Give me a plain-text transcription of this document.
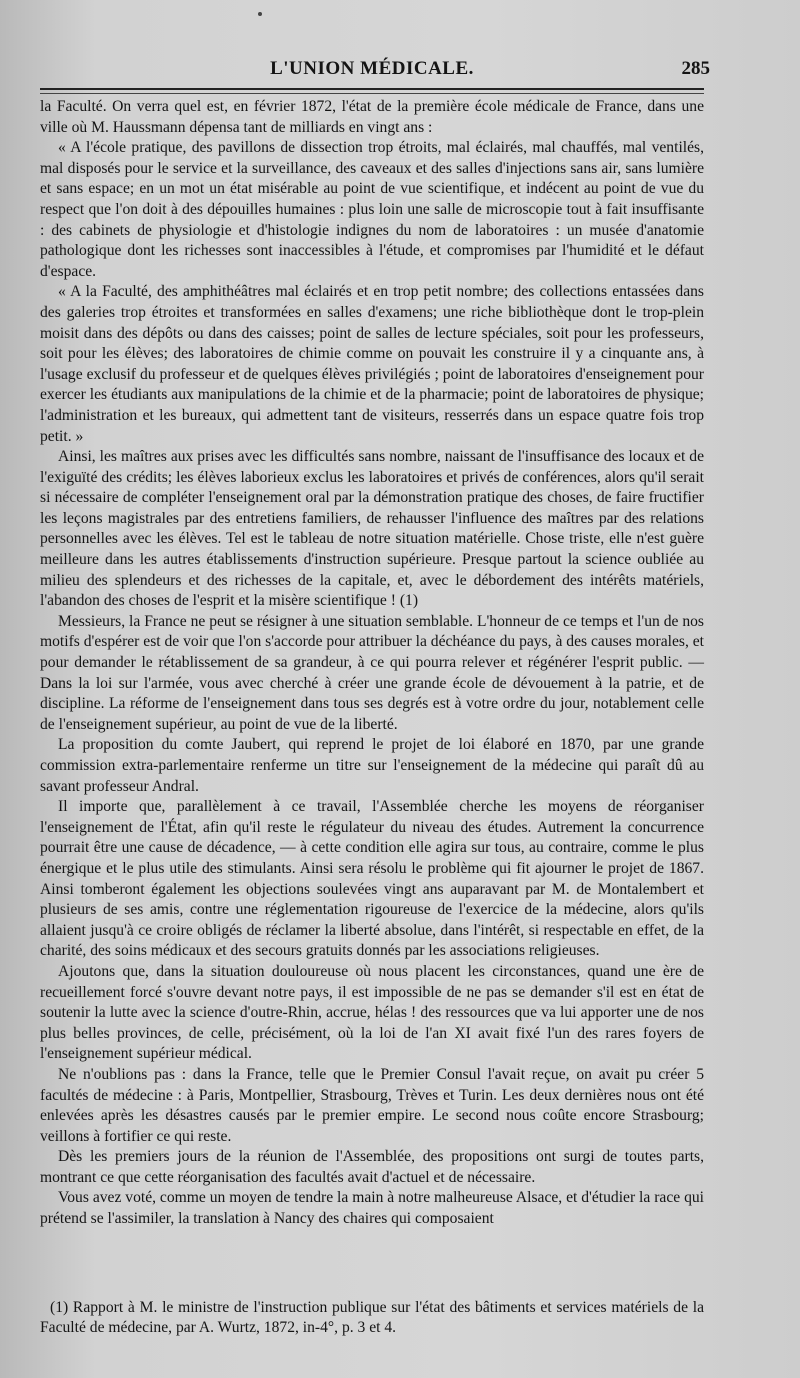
L'UNION MÉDICALE.	285

la Faculté. On verra quel est, en février 1872, l'état de la première école médicale de France, dans une ville où M. Haussmann dépensa tant de milliards en vingt ans :

« A l'école pratique, des pavillons de dissection trop étroits, mal éclairés, mal chauffés, mal ventilés, mal disposés pour le service et la surveillance, des caveaux et des salles d'injections sans air, sans lumière et sans espace; en un mot un état misérable au point de vue scientifique, et indécent au point de vue du respect que l'on doit à des dépouilles humaines : plus loin une salle de microscopie tout à fait insuffisante : des cabinets de physiologie et d'histologie indignes du nom de laboratoires : un musée d'anatomie pathologique dont les richesses sont inaccessibles à l'étude, et compromises par l'humidité et le défaut d'espace.

« A la Faculté, des amphithéâtres mal éclairés et en trop petit nombre; des collections entassées dans des galeries trop étroites et transformées en salles d'examens; une riche bibliothèque dont le trop-plein moisit dans des dépôts ou dans des caisses; point de salles de lecture spéciales, soit pour les professeurs, soit pour les élèves; des laboratoires de chimie comme on pouvait les construire il y a cinquante ans, à l'usage exclusif du professeur et de quelques élèves privilégiés ; point de laboratoires d'enseignement pour exercer les étudiants aux manipulations de la chimie et de la pharmacie; point de laboratoires de physique; l'administration et les bureaux, qui admettent tant de visiteurs, resserrés dans un espace quatre fois trop petit. »

Ainsi, les maîtres aux prises avec les difficultés sans nombre, naissant de l'insuffisance des locaux et de l'exiguïté des crédits; les élèves laborieux exclus les laboratoires et privés de conférences, alors qu'il serait si nécessaire de compléter l'enseignement oral par la démonstration pratique des choses, de faire fructifier les leçons magistrales par des entretiens familiers, de rehausser l'influence des maîtres par des relations personnelles avec les élèves. Tel est le tableau de notre situation matérielle. Chose triste, elle n'est guère meilleure dans les autres établissements d'instruction supérieure. Presque partout la science oubliée au milieu des splendeurs et des richesses de la capitale, et, avec le débordement des intérêts matériels, l'abandon des choses de l'esprit et la misère scientifique ! (1)

Messieurs, la France ne peut se résigner à une situation semblable. L'honneur de ce temps et l'un de nos motifs d'espérer est de voir que l'on s'accorde pour attribuer la déchéance du pays, à des causes morales, et pour demander le rétablissement de sa grandeur, à ce qui pourra relever et régénérer l'esprit public. — Dans la loi sur l'armée, vous avec cherché à créer une grande école de dévouement à la patrie, et de discipline. La réforme de l'enseignement dans tous ses degrés est à votre ordre du jour, notablement celle de l'enseignement supérieur, au point de vue de la liberté.

La proposition du comte Jaubert, qui reprend le projet de loi élaboré en 1870, par une grande commission extra-parlementaire renferme un titre sur l'enseignement de la médecine qui paraît dû au savant professeur Andral.

Il importe que, parallèlement à ce travail, l'Assemblée cherche les moyens de réorganiser l'enseignement de l'État, afin qu'il reste le régulateur du niveau des études. Autrement la concurrence pourrait être une cause de décadence, — à cette condition elle agira sur tous, au contraire, comme le plus énergique et le plus utile des stimulants. Ainsi sera résolu le problème qui fit ajourner le projet de 1867. Ainsi tomberont également les objections soulevées vingt ans auparavant par M. de Montalembert et plusieurs de ses amis, contre une réglementation rigoureuse de l'exercice de la médecine, alors qu'ils allaient jusqu'à ce croire obligés de réclamer la liberté absolue, dans l'intérêt, si respectable en effet, de la charité, des soins médicaux et des secours gratuits donnés par les associations religieuses.

Ajoutons que, dans la situation douloureuse où nous placent les circonstances, quand une ère de recueillement forcé s'ouvre devant notre pays, il est impossible de ne pas se demander s'il est en état de soutenir la lutte avec la science d'outre-Rhin, accrue, hélas ! des ressources que va lui apporter une de nos plus belles provinces, de celle, précisément, où la loi de l'an XI avait fixé l'un des rares foyers de l'enseignement supérieur médical.

Ne n'oublions pas : dans la France, telle que le Premier Consul l'avait reçue, on avait pu créer 5 facultés de médecine : à Paris, Montpellier, Strasbourg, Trèves et Turin. Les deux dernières nous ont été enlevées après les désastres causés par le premier empire. Le second nous coûte encore Strasbourg; veillons à fortifier ce qui reste.

Dès les premiers jours de la réunion de l'Assemblée, des propositions ont surgi de toutes parts, montrant ce que cette réorganisation des facultés avait d'actuel et de nécessaire.

Vous avez voté, comme un moyen de tendre la main à notre malheureuse Alsace, et d'étudier la race qui prétend se l'assimiler, la translation à Nancy des chaires qui composaient

(1) Rapport à M. le ministre de l'instruction publique sur l'état des bâtiments et services matériels de la Faculté de médecine, par A. Wurtz, 1872, in-4°, p. 3 et 4.
